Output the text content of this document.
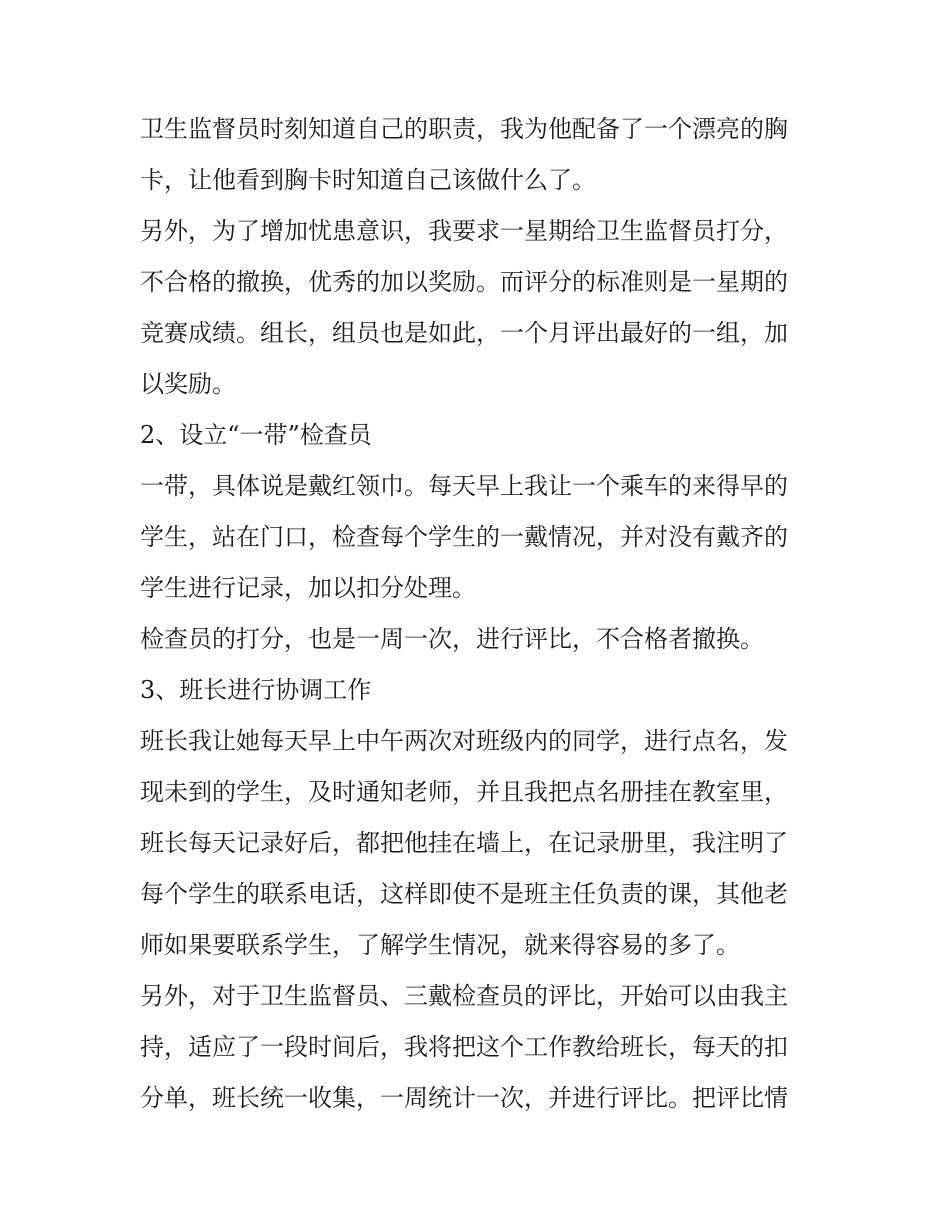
卫生监督员时刻知道自己的职责，我为他配备了一个漂亮的胸
卡，让他看到胸卡时知道自己该做什么了。
另外，为了增加忧患意识，我要求一星期给卫生监督员打分，
不合格的撤换，优秀的加以奖励。而评分的标准则是一星期的
竞赛成绩。组长，组员也是如此，一个月评出最好的一组，加
以奖励。
2、设立“一带”检查员
一带，具体说是戴红领巾。每天早上我让一个乘车的来得早的
学生，站在门口，检查每个学生的一戴情况，并对没有戴齐的
学生进行记录，加以扣分处理。
检查员的打分，也是一周一次，进行评比，不合格者撤换。
3、班长进行协调工作
班长我让她每天早上中午两次对班级内的同学，进行点名，发
现未到的学生，及时通知老师，并且我把点名册挂在教室里，
班长每天记录好后，都把他挂在墙上，在记录册里，我注明了
每个学生的联系电话，这样即使不是班主任负责的课，其他老
师如果要联系学生，了解学生情况，就来得容易的多了。
另外，对于卫生监督员、三戴检查员的评比，开始可以由我主
持，适应了一段时间后，我将把这个工作教给班长，每天的扣
分单，班长统一收集，一周统计一次，并进行评比。把评比情
